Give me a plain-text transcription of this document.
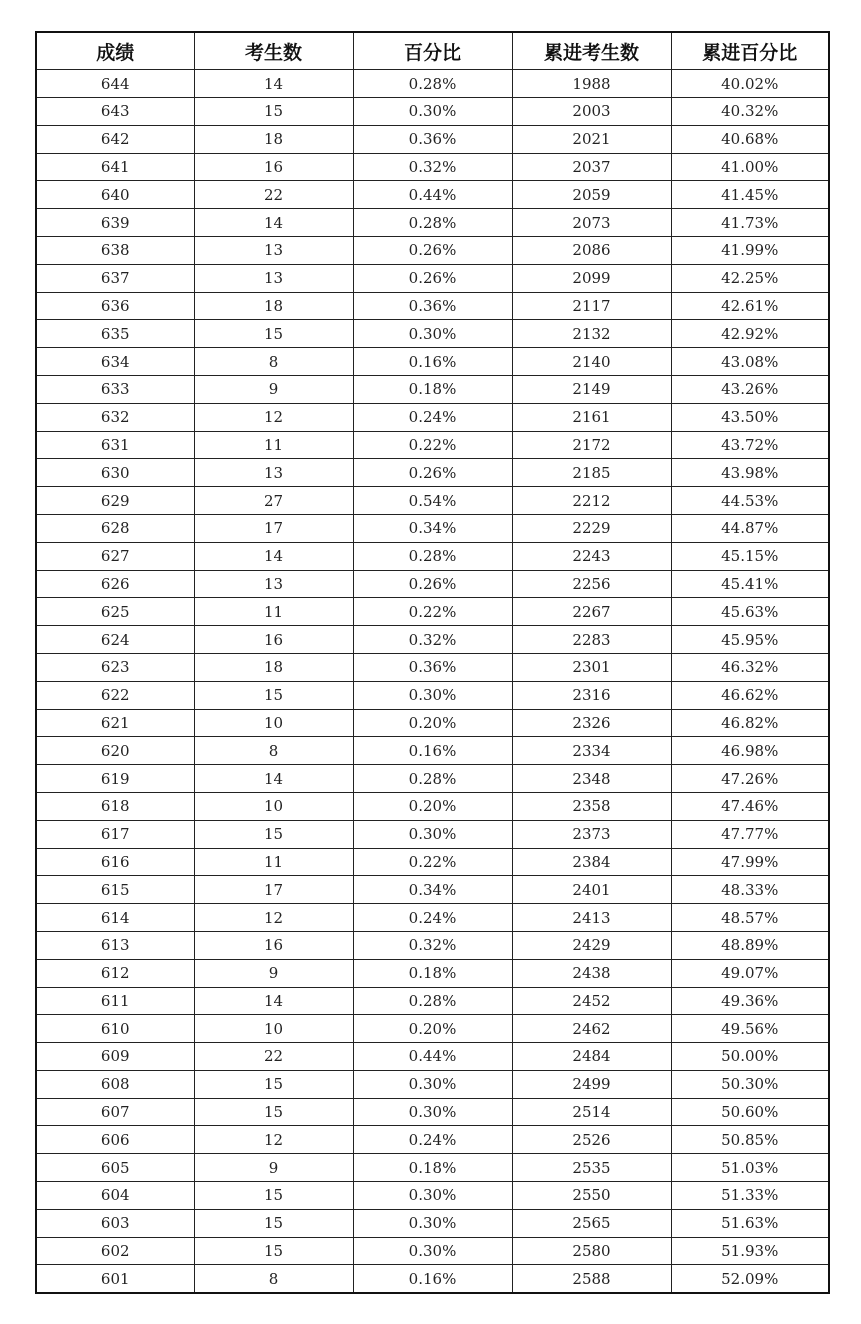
成绩	考生数	百分比	累进考生数	累进百分比
644	14	0.28%	1988	40.02%
643	15	0.30%	2003	40.32%
642	18	0.36%	2021	40.68%
641	16	0.32%	2037	41.00%
640	22	0.44%	2059	41.45%
639	14	0.28%	2073	41.73%
638	13	0.26%	2086	41.99%
637	13	0.26%	2099	42.25%
636	18	0.36%	2117	42.61%
635	15	0.30%	2132	42.92%
634	8	0.16%	2140	43.08%
633	9	0.18%	2149	43.26%
632	12	0.24%	2161	43.50%
631	11	0.22%	2172	43.72%
630	13	0.26%	2185	43.98%
629	27	0.54%	2212	44.53%
628	17	0.34%	2229	44.87%
627	14	0.28%	2243	45.15%
626	13	0.26%	2256	45.41%
625	11	0.22%	2267	45.63%
624	16	0.32%	2283	45.95%
623	18	0.36%	2301	46.32%
622	15	0.30%	2316	46.62%
621	10	0.20%	2326	46.82%
620	8	0.16%	2334	46.98%
619	14	0.28%	2348	47.26%
618	10	0.20%	2358	47.46%
617	15	0.30%	2373	47.77%
616	11	0.22%	2384	47.99%
615	17	0.34%	2401	48.33%
614	12	0.24%	2413	48.57%
613	16	0.32%	2429	48.89%
612	9	0.18%	2438	49.07%
611	14	0.28%	2452	49.36%
610	10	0.20%	2462	49.56%
609	22	0.44%	2484	50.00%
608	15	0.30%	2499	50.30%
607	15	0.30%	2514	50.60%
606	12	0.24%	2526	50.85%
605	9	0.18%	2535	51.03%
604	15	0.30%	2550	51.33%
603	15	0.30%	2565	51.63%
602	15	0.30%	2580	51.93%
601	8	0.16%	2588	52.09%
